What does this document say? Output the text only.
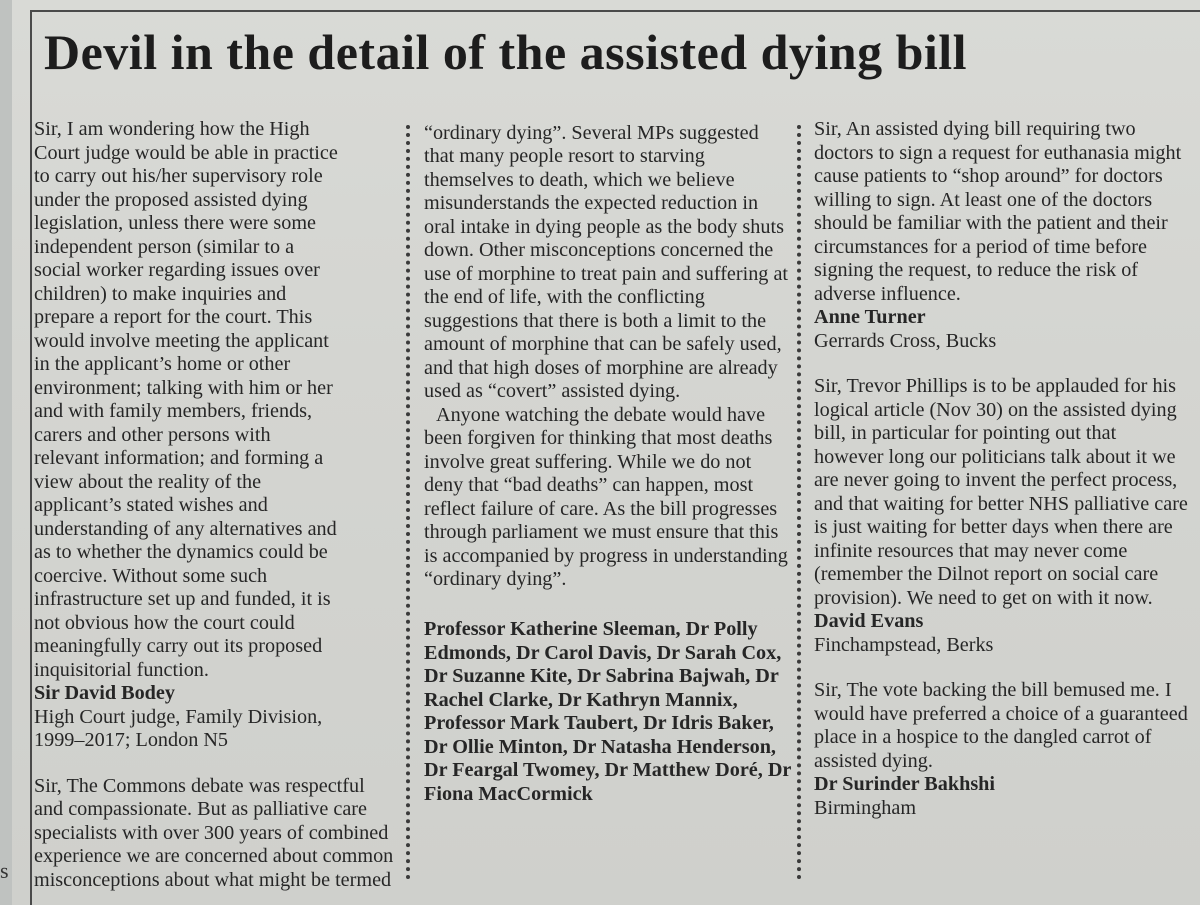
s
Devil in the detail of the assisted dying bill

Sir, I am wondering how the High

Court judge would be able in practice

to carry out his/her supervisory role

under the proposed assisted dying

legislation, unless there were some

independent person (similar to a

social worker regarding issues over

children) to make inquiries and

prepare a report for the court. This

would involve meeting the applicant

in the applicant’s home or other

environment; talking with him or her

and with family members, friends,

carers and other persons with

relevant information; and forming a

view about the reality of the

applicant’s stated wishes and

understanding of any alternatives and

as to whether the dynamics could be

coercive. Without some such

infrastructure set up and funded, it is

not obvious how the court could

meaningfully carry out its proposed

inquisitorial function.

Sir David Bodey

High Court judge, Family Division, 1999–2017; London N5

Sir, The Commons debate was respectful and compassionate. But as palliative care specialists with over 300 years of combined experience we are concerned about common misconceptions about what might be termed

“ordinary dying”. Several MPs suggested that many people resort to starving themselves to death, which we believe misunderstands the expected reduction in oral intake in dying people as the body shuts down. Other misconceptions concerned the use of morphine to treat pain and suffering at the end of life, with the conflicting suggestions that there is both a limit to the amount of morphine that can be safely used, and that high doses of morphine are already used as “covert” assisted dying.

Anyone watching the debate would have been forgiven for thinking that most deaths involve great suffering. While we do not deny that “bad deaths” can happen, most reflect failure of care. As the bill progresses through parliament we must ensure that this is accompanied by progress in understanding “ordinary dying”.

Professor Katherine Sleeman, Dr Polly Edmonds, Dr Carol Davis, Dr Sarah Cox, Dr Suzanne Kite, Dr Sabrina Bajwah, Dr Rachel Clarke, Dr Kathryn Mannix, Professor Mark Taubert, Dr Idris Baker, Dr Ollie Minton, Dr Natasha Henderson, Dr Feargal Twomey, Dr Matthew Doré, Dr Fiona MacCormick

Sir, An assisted dying bill requiring two doctors to sign a request for euthanasia might cause patients to “shop around” for doctors willing to sign. At least one of the doctors should be familiar with the patient and their circumstances for a period of time before signing the request, to reduce the risk of adverse influence.

Anne Turner

Gerrards Cross, Bucks

Sir, Trevor Phillips is to be applauded for his logical article (Nov 30) on the assisted dying bill, in particular for pointing out that however long our politicians talk about it we are never going to invent the perfect process, and that waiting for better NHS palliative care is just waiting for better days when there are infinite resources that may never come (remember the Dilnot report on social care provision). We need to get on with it now.

David Evans

Finchampstead, Berks

Sir, The vote backing the bill bemused me. I would have preferred a choice of a guaranteed place in a hospice to the dangled carrot of assisted dying.

Dr Surinder Bakhshi

Birmingham
